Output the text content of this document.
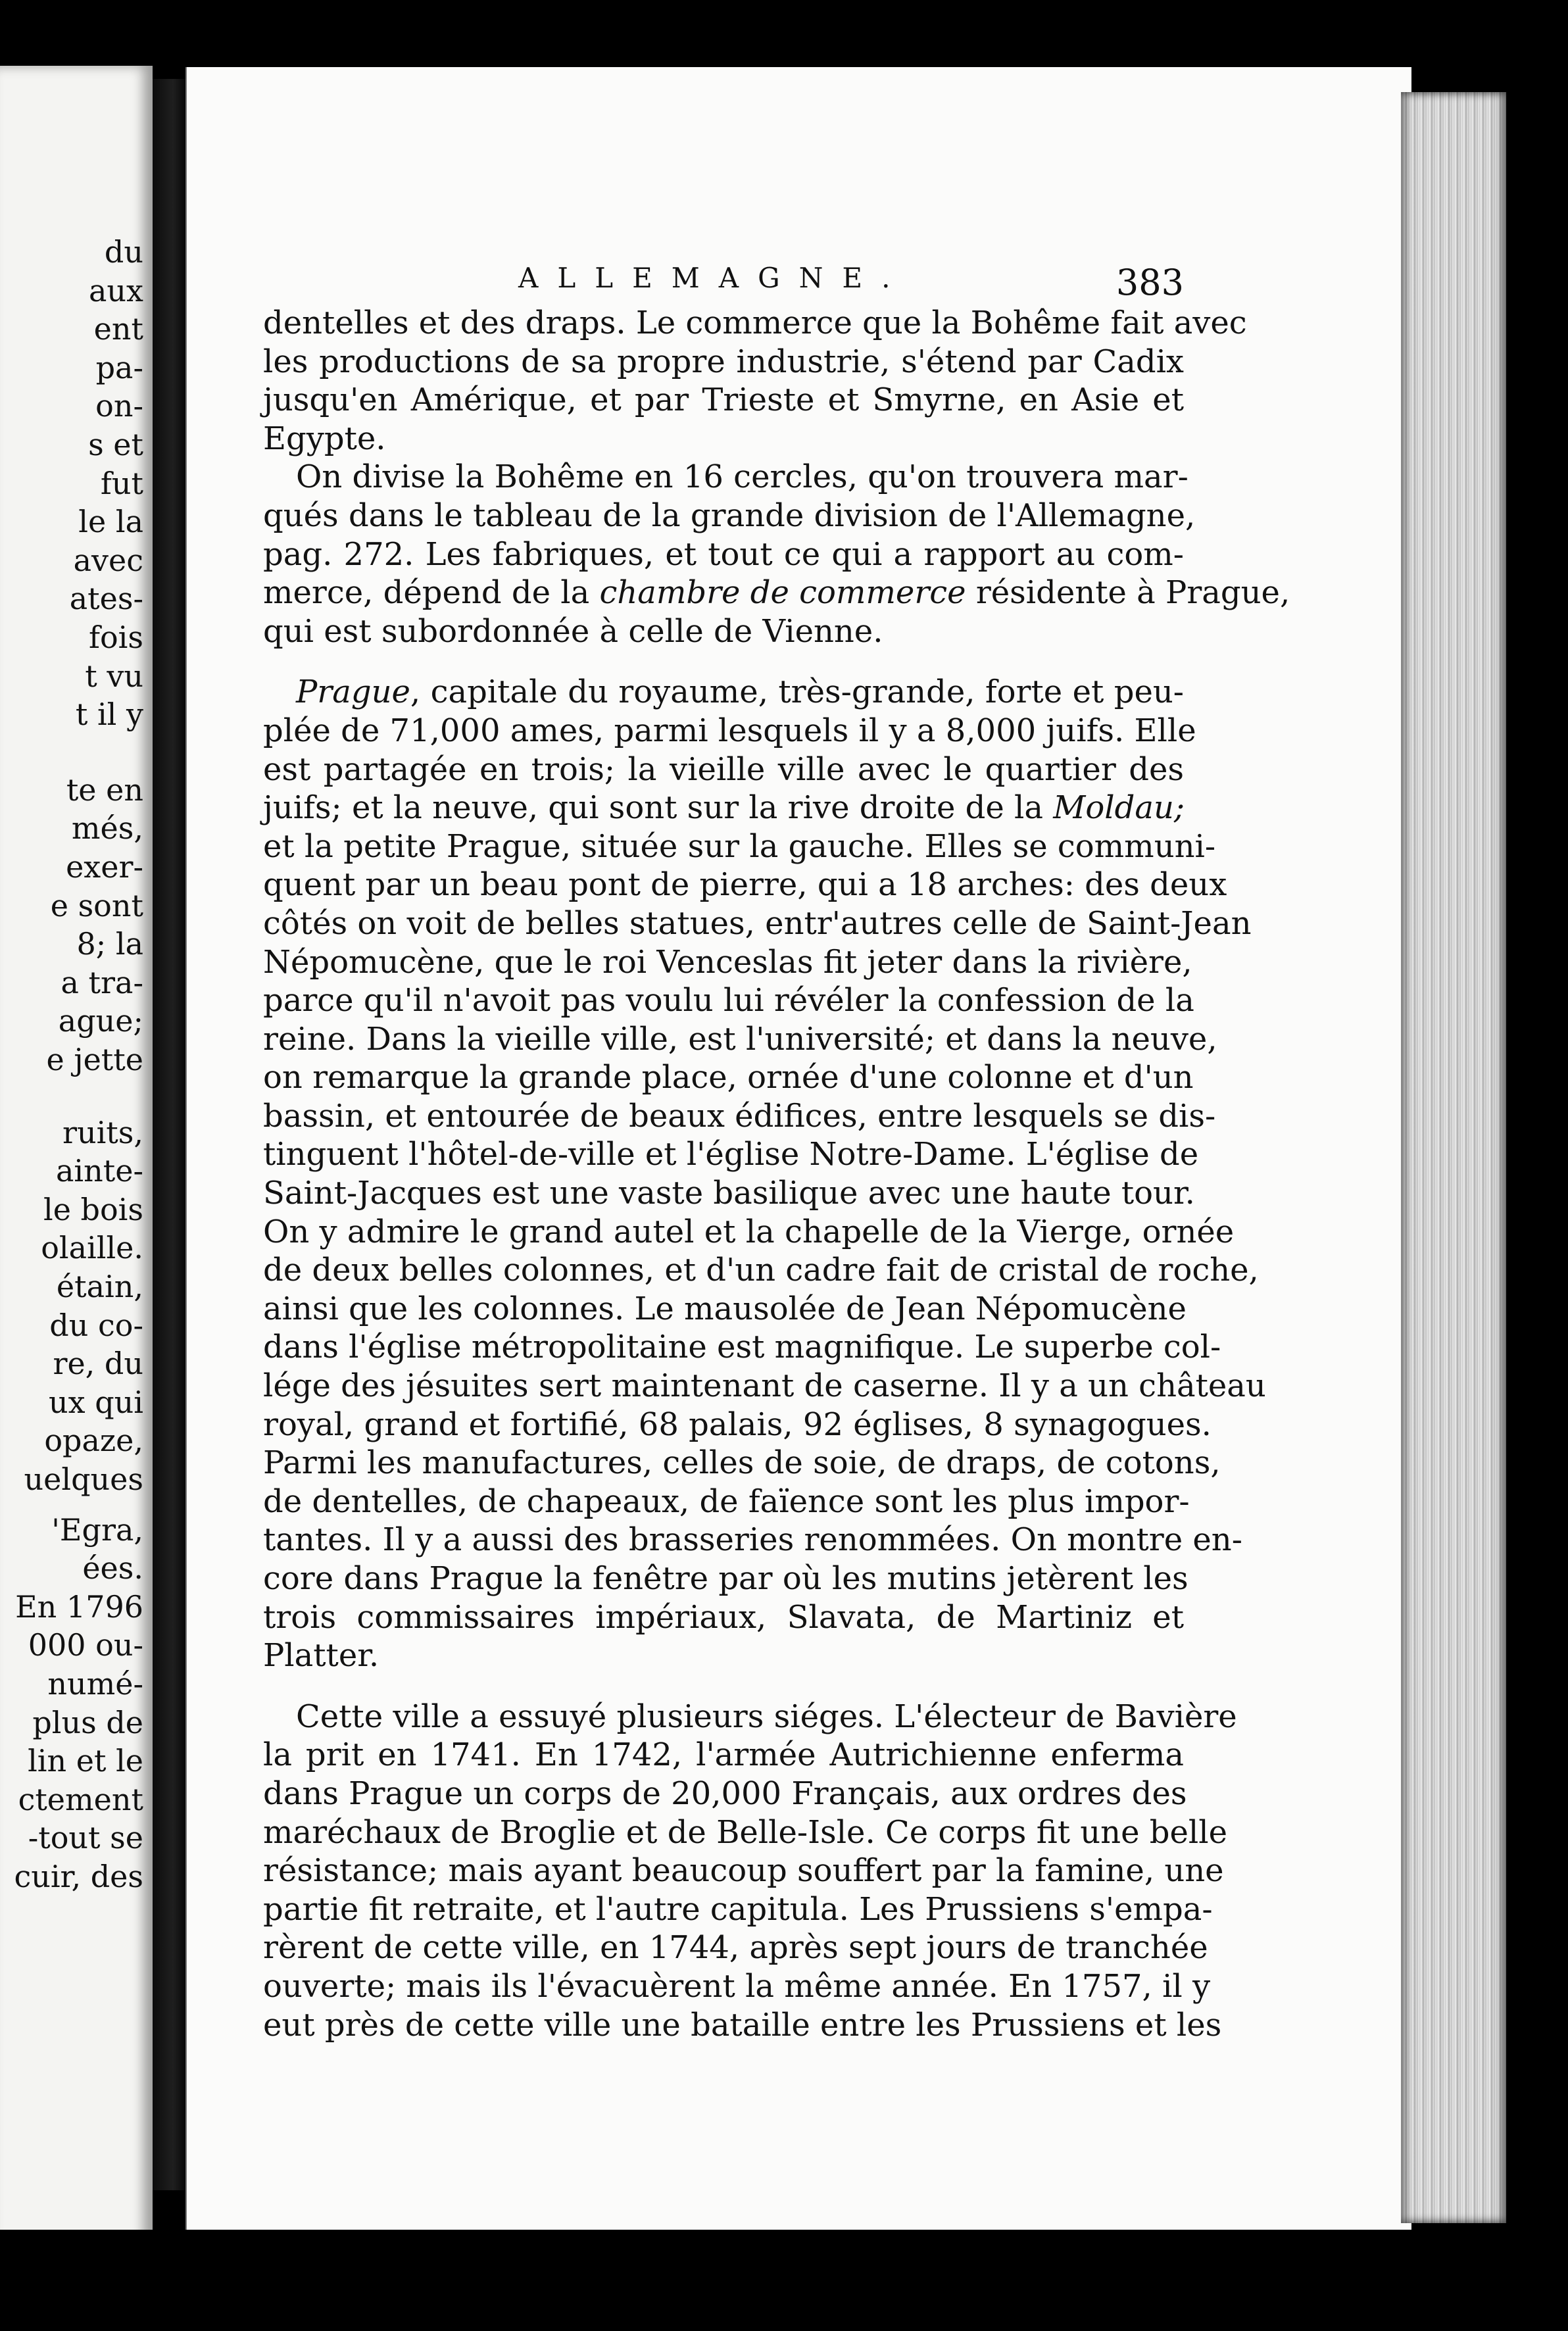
du
aux
ent
pa-
on-
s et
fut
le la
avec
ates-
fois
t vu
t il y
te en
més,
exer-
e sont
8; la
a tra-
ague;
e jette
ruits,
ainte-
le bois
olaille.
étain,
du co-
re, du
ux qui
opaze,
uelques
'Egra,
ées.
En 1796
000 ou-
numé-
plus de
lin et le
ctement
-tout se
cuir, des
ALLEMAGNE.	383
dentelles et des draps. Le commerce que la Bohême fait avec
les productions de sa propre industrie, s'étend par Cadix
jusqu'en Amérique, et par Trieste et Smyrne, en Asie et
Egypte.
On divise la Bohême en 16 cercles, qu'on trouvera mar-
qués dans le tableau de la grande division de l'Allemagne,
pag. 272. Les fabriques, et tout ce qui a rapport au com-
merce, dépend de la chambre de commerce résidente à Prague,
qui est subordonnée à celle de Vienne.
Prague, capitale du royaume, très-grande, forte et peu-
plée de 71,000 ames, parmi lesquels il y a 8,000 juifs. Elle
est partagée en trois; la vieille ville avec le quartier des
juifs; et la neuve, qui sont sur la rive droite de la Moldau;
et la petite Prague, située sur la gauche. Elles se communi-
quent par un beau pont de pierre, qui a 18 arches: des deux
côtés on voit de belles statues, entr'autres celle de Saint-Jean
Népomucène, que le roi Venceslas fit jeter dans la rivière,
parce qu'il n'avoit pas voulu lui révéler la confession de la
reine. Dans la vieille ville, est l'université; et dans la neuve,
on remarque la grande place, ornée d'une colonne et d'un
bassin, et entourée de beaux édifices, entre lesquels se dis-
tinguent l'hôtel-de-ville et l'église Notre-Dame. L'église de
Saint-Jacques est une vaste basilique avec une haute tour.
On y admire le grand autel et la chapelle de la Vierge, ornée
de deux belles colonnes, et d'un cadre fait de cristal de roche,
ainsi que les colonnes. Le mausolée de Jean Népomucène
dans l'église métropolitaine est magnifique. Le superbe col-
lége des jésuites sert maintenant de caserne. Il y a un château
royal, grand et fortifié, 68 palais, 92 églises, 8 synagogues.
Parmi les manufactures, celles de soie, de draps, de cotons,
de dentelles, de chapeaux, de faïence sont les plus impor-
tantes. Il y a aussi des brasseries renommées. On montre en-
core dans Prague la fenêtre par où les mutins jetèrent les
trois commissaires impériaux, Slavata, de Martiniz et
Platter.
Cette ville a essuyé plusieurs siéges. L'électeur de Bavière
la prit en 1741. En 1742, l'armée Autrichienne enferma
dans Prague un corps de 20,000 Français, aux ordres des
maréchaux de Broglie et de Belle-Isle. Ce corps fit une belle
résistance; mais ayant beaucoup souffert par la famine, une
partie fit retraite, et l'autre capitula. Les Prussiens s'empa-
rèrent de cette ville, en 1744, après sept jours de tranchée
ouverte; mais ils l'évacuèrent la même année. En 1757, il y
eut près de cette ville une bataille entre les Prussiens et les
